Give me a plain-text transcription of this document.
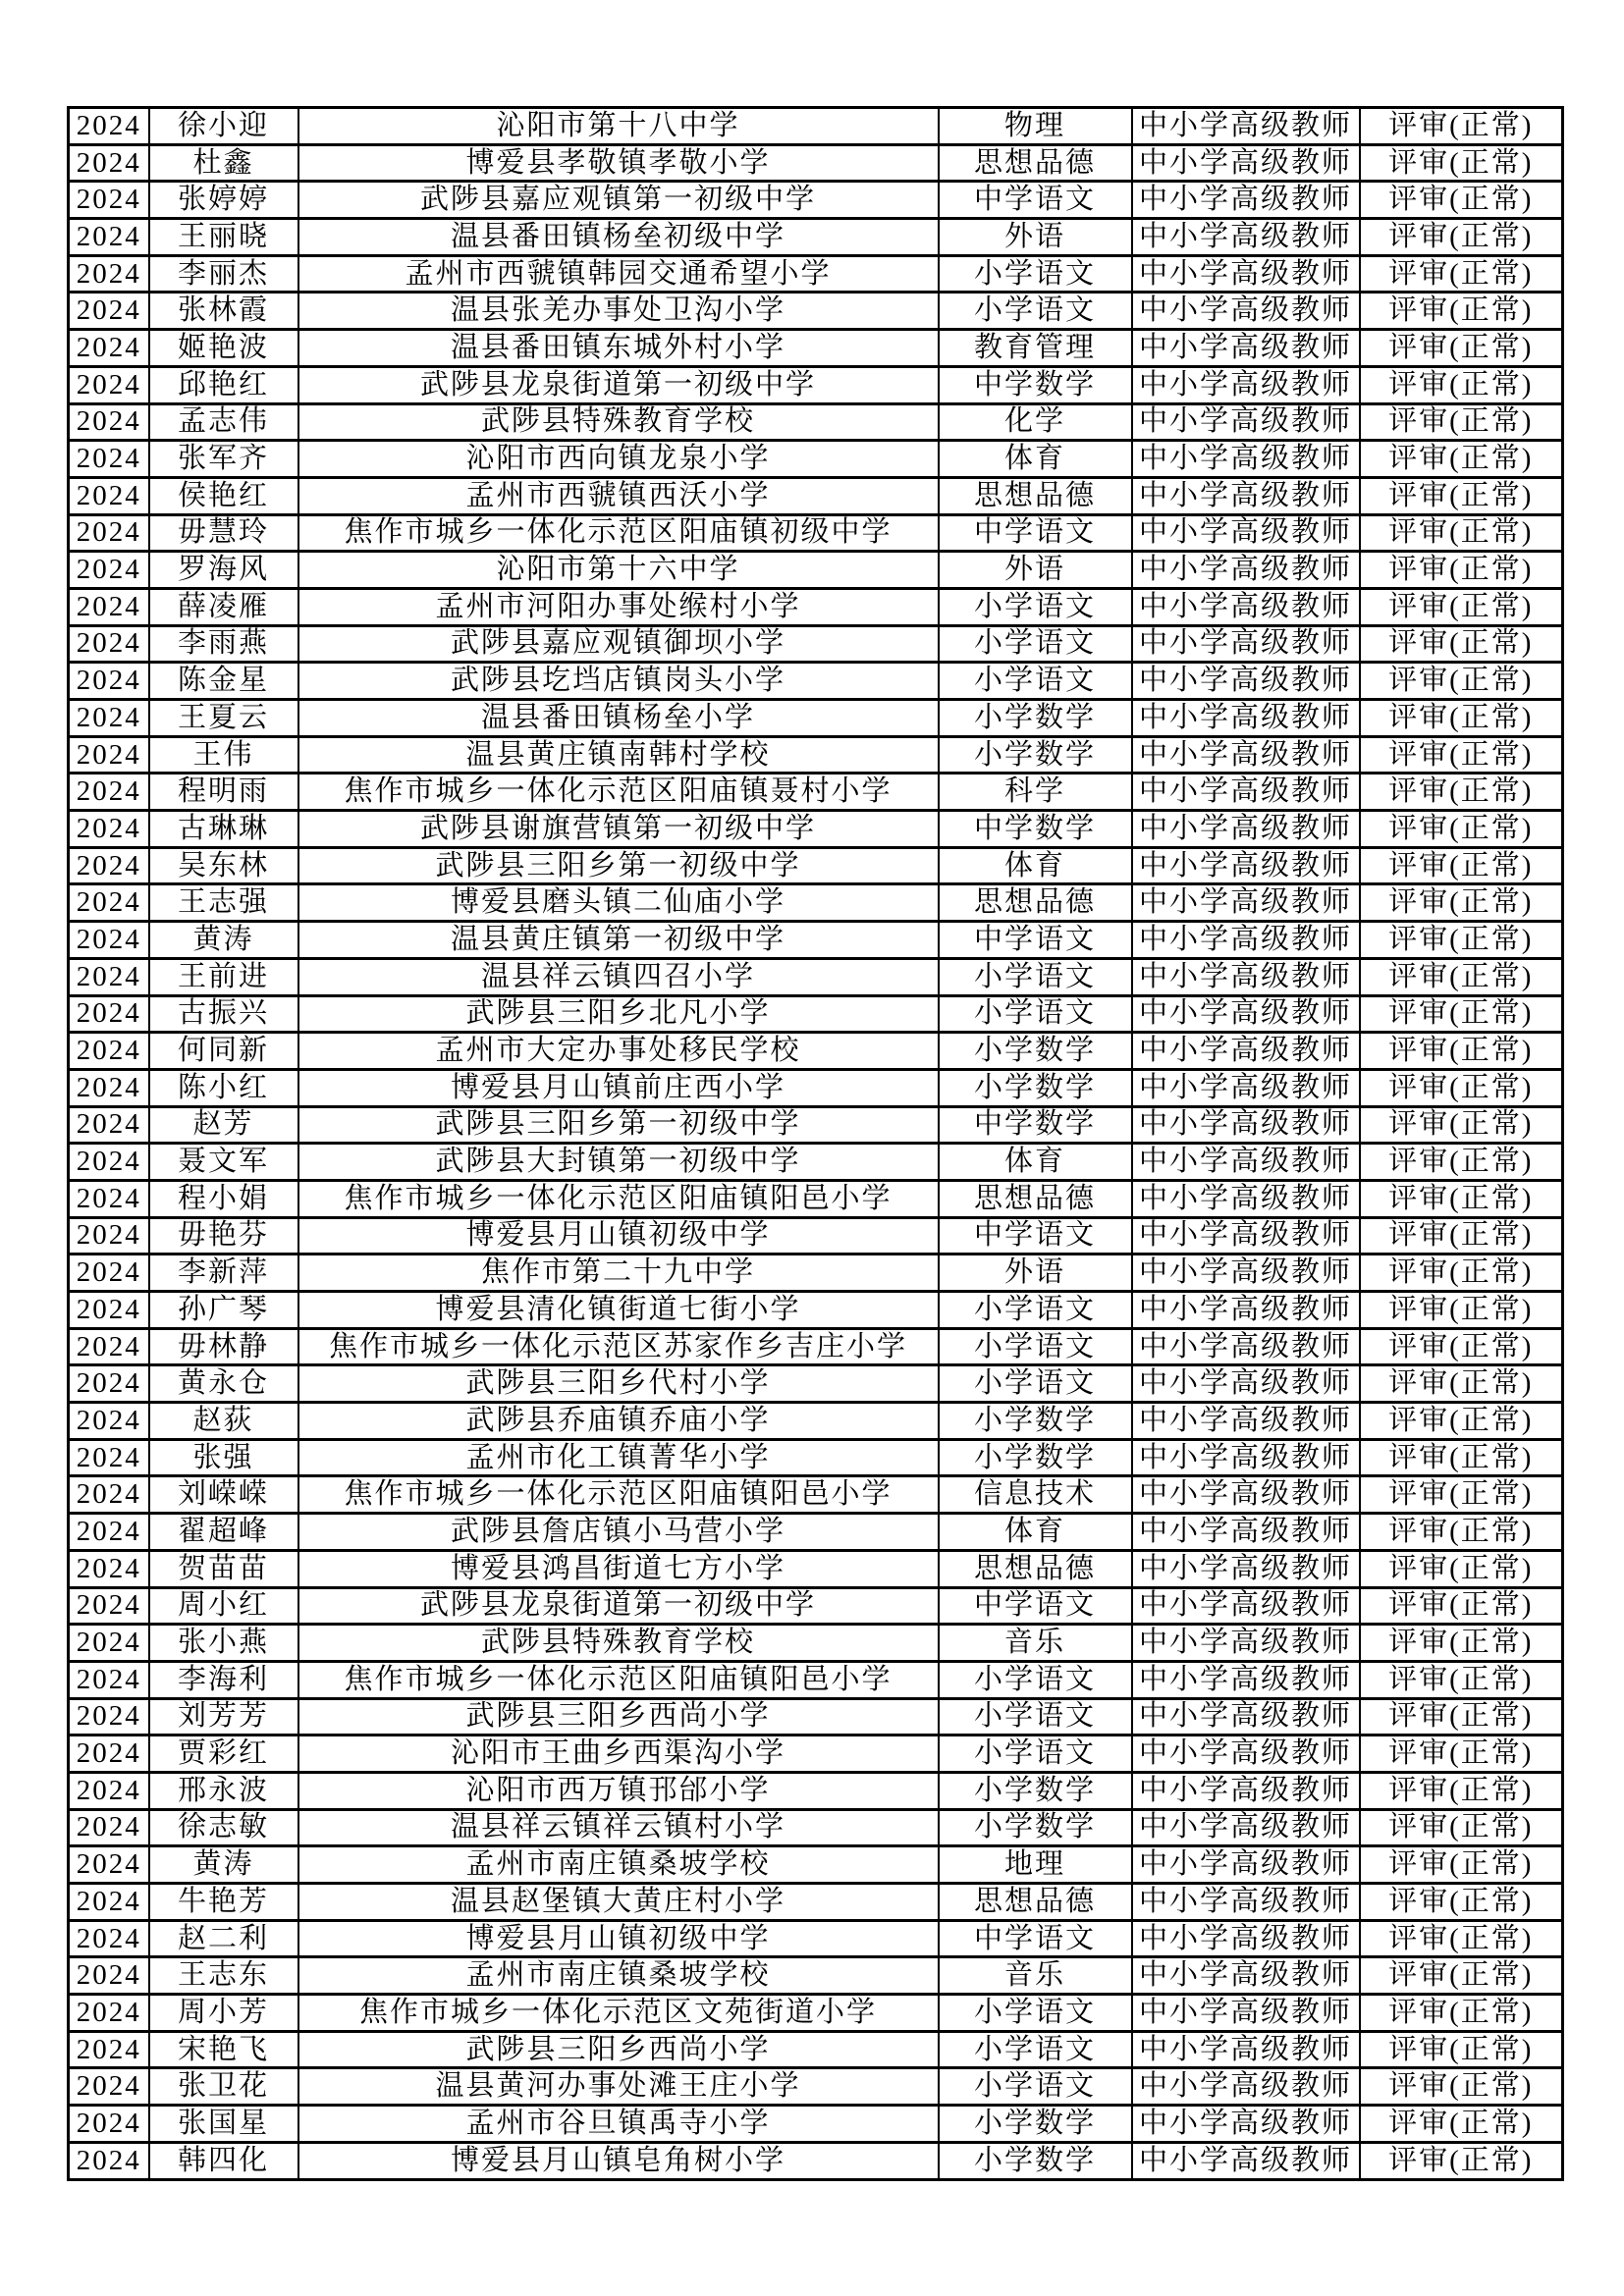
2024	徐小迎	沁阳市第十八中学	物理	中小学高级教师	评审(正常)
2024	杜鑫	博爱县孝敬镇孝敬小学	思想品德	中小学高级教师	评审(正常)
2024	张婷婷	武陟县嘉应观镇第一初级中学	中学语文	中小学高级教师	评审(正常)
2024	王丽晓	温县番田镇杨垒初级中学	外语	中小学高级教师	评审(正常)
2024	李丽杰	孟州市西虢镇韩园交通希望小学	小学语文	中小学高级教师	评审(正常)
2024	张林霞	温县张羌办事处卫沟小学	小学语文	中小学高级教师	评审(正常)
2024	姬艳波	温县番田镇东城外村小学	教育管理	中小学高级教师	评审(正常)
2024	邱艳红	武陟县龙泉街道第一初级中学	中学数学	中小学高级教师	评审(正常)
2024	孟志伟	武陟县特殊教育学校	化学	中小学高级教师	评审(正常)
2024	张军齐	沁阳市西向镇龙泉小学	体育	中小学高级教师	评审(正常)
2024	侯艳红	孟州市西虢镇西沃小学	思想品德	中小学高级教师	评审(正常)
2024	毋慧玲	焦作市城乡一体化示范区阳庙镇初级中学	中学语文	中小学高级教师	评审(正常)
2024	罗海风	沁阳市第十六中学	外语	中小学高级教师	评审(正常)
2024	薛凌雁	孟州市河阳办事处缑村小学	小学语文	中小学高级教师	评审(正常)
2024	李雨燕	武陟县嘉应观镇御坝小学	小学语文	中小学高级教师	评审(正常)
2024	陈金星	武陟县圪垱店镇岗头小学	小学语文	中小学高级教师	评审(正常)
2024	王夏云	温县番田镇杨垒小学	小学数学	中小学高级教师	评审(正常)
2024	王伟	温县黄庄镇南韩村学校	小学数学	中小学高级教师	评审(正常)
2024	程明雨	焦作市城乡一体化示范区阳庙镇聂村小学	科学	中小学高级教师	评审(正常)
2024	古琳琳	武陟县谢旗营镇第一初级中学	中学数学	中小学高级教师	评审(正常)
2024	吴东林	武陟县三阳乡第一初级中学	体育	中小学高级教师	评审(正常)
2024	王志强	博爱县磨头镇二仙庙小学	思想品德	中小学高级教师	评审(正常)
2024	黄涛	温县黄庄镇第一初级中学	中学语文	中小学高级教师	评审(正常)
2024	王前进	温县祥云镇四召小学	小学语文	中小学高级教师	评审(正常)
2024	古振兴	武陟县三阳乡北凡小学	小学语文	中小学高级教师	评审(正常)
2024	何同新	孟州市大定办事处移民学校	小学数学	中小学高级教师	评审(正常)
2024	陈小红	博爱县月山镇前庄西小学	小学数学	中小学高级教师	评审(正常)
2024	赵芳	武陟县三阳乡第一初级中学	中学数学	中小学高级教师	评审(正常)
2024	聂文军	武陟县大封镇第一初级中学	体育	中小学高级教师	评审(正常)
2024	程小娟	焦作市城乡一体化示范区阳庙镇阳邑小学	思想品德	中小学高级教师	评审(正常)
2024	毋艳芬	博爱县月山镇初级中学	中学语文	中小学高级教师	评审(正常)
2024	李新萍	焦作市第二十九中学	外语	中小学高级教师	评审(正常)
2024	孙广琴	博爱县清化镇街道七街小学	小学语文	中小学高级教师	评审(正常)
2024	毋林静	焦作市城乡一体化示范区苏家作乡吉庄小学	小学语文	中小学高级教师	评审(正常)
2024	黄永仓	武陟县三阳乡代村小学	小学语文	中小学高级教师	评审(正常)
2024	赵荻	武陟县乔庙镇乔庙小学	小学数学	中小学高级教师	评审(正常)
2024	张强	孟州市化工镇菁华小学	小学数学	中小学高级教师	评审(正常)
2024	刘嵘嵘	焦作市城乡一体化示范区阳庙镇阳邑小学	信息技术	中小学高级教师	评审(正常)
2024	翟超峰	武陟县詹店镇小马营小学	体育	中小学高级教师	评审(正常)
2024	贺苗苗	博爱县鸿昌街道七方小学	思想品德	中小学高级教师	评审(正常)
2024	周小红	武陟县龙泉街道第一初级中学	中学语文	中小学高级教师	评审(正常)
2024	张小燕	武陟县特殊教育学校	音乐	中小学高级教师	评审(正常)
2024	李海利	焦作市城乡一体化示范区阳庙镇阳邑小学	小学语文	中小学高级教师	评审(正常)
2024	刘芳芳	武陟县三阳乡西尚小学	小学语文	中小学高级教师	评审(正常)
2024	贾彩红	沁阳市王曲乡西渠沟小学	小学语文	中小学高级教师	评审(正常)
2024	邢永波	沁阳市西万镇邘邰小学	小学数学	中小学高级教师	评审(正常)
2024	徐志敏	温县祥云镇祥云镇村小学	小学数学	中小学高级教师	评审(正常)
2024	黄涛	孟州市南庄镇桑坡学校	地理	中小学高级教师	评审(正常)
2024	牛艳芳	温县赵堡镇大黄庄村小学	思想品德	中小学高级教师	评审(正常)
2024	赵二利	博爱县月山镇初级中学	中学语文	中小学高级教师	评审(正常)
2024	王志东	孟州市南庄镇桑坡学校	音乐	中小学高级教师	评审(正常)
2024	周小芳	焦作市城乡一体化示范区文苑街道小学	小学语文	中小学高级教师	评审(正常)
2024	宋艳飞	武陟县三阳乡西尚小学	小学语文	中小学高级教师	评审(正常)
2024	张卫花	温县黄河办事处滩王庄小学	小学语文	中小学高级教师	评审(正常)
2024	张国星	孟州市谷旦镇禹寺小学	小学数学	中小学高级教师	评审(正常)
2024	韩四化	博爱县月山镇皂角树小学	小学数学	中小学高级教师	评审(正常)
